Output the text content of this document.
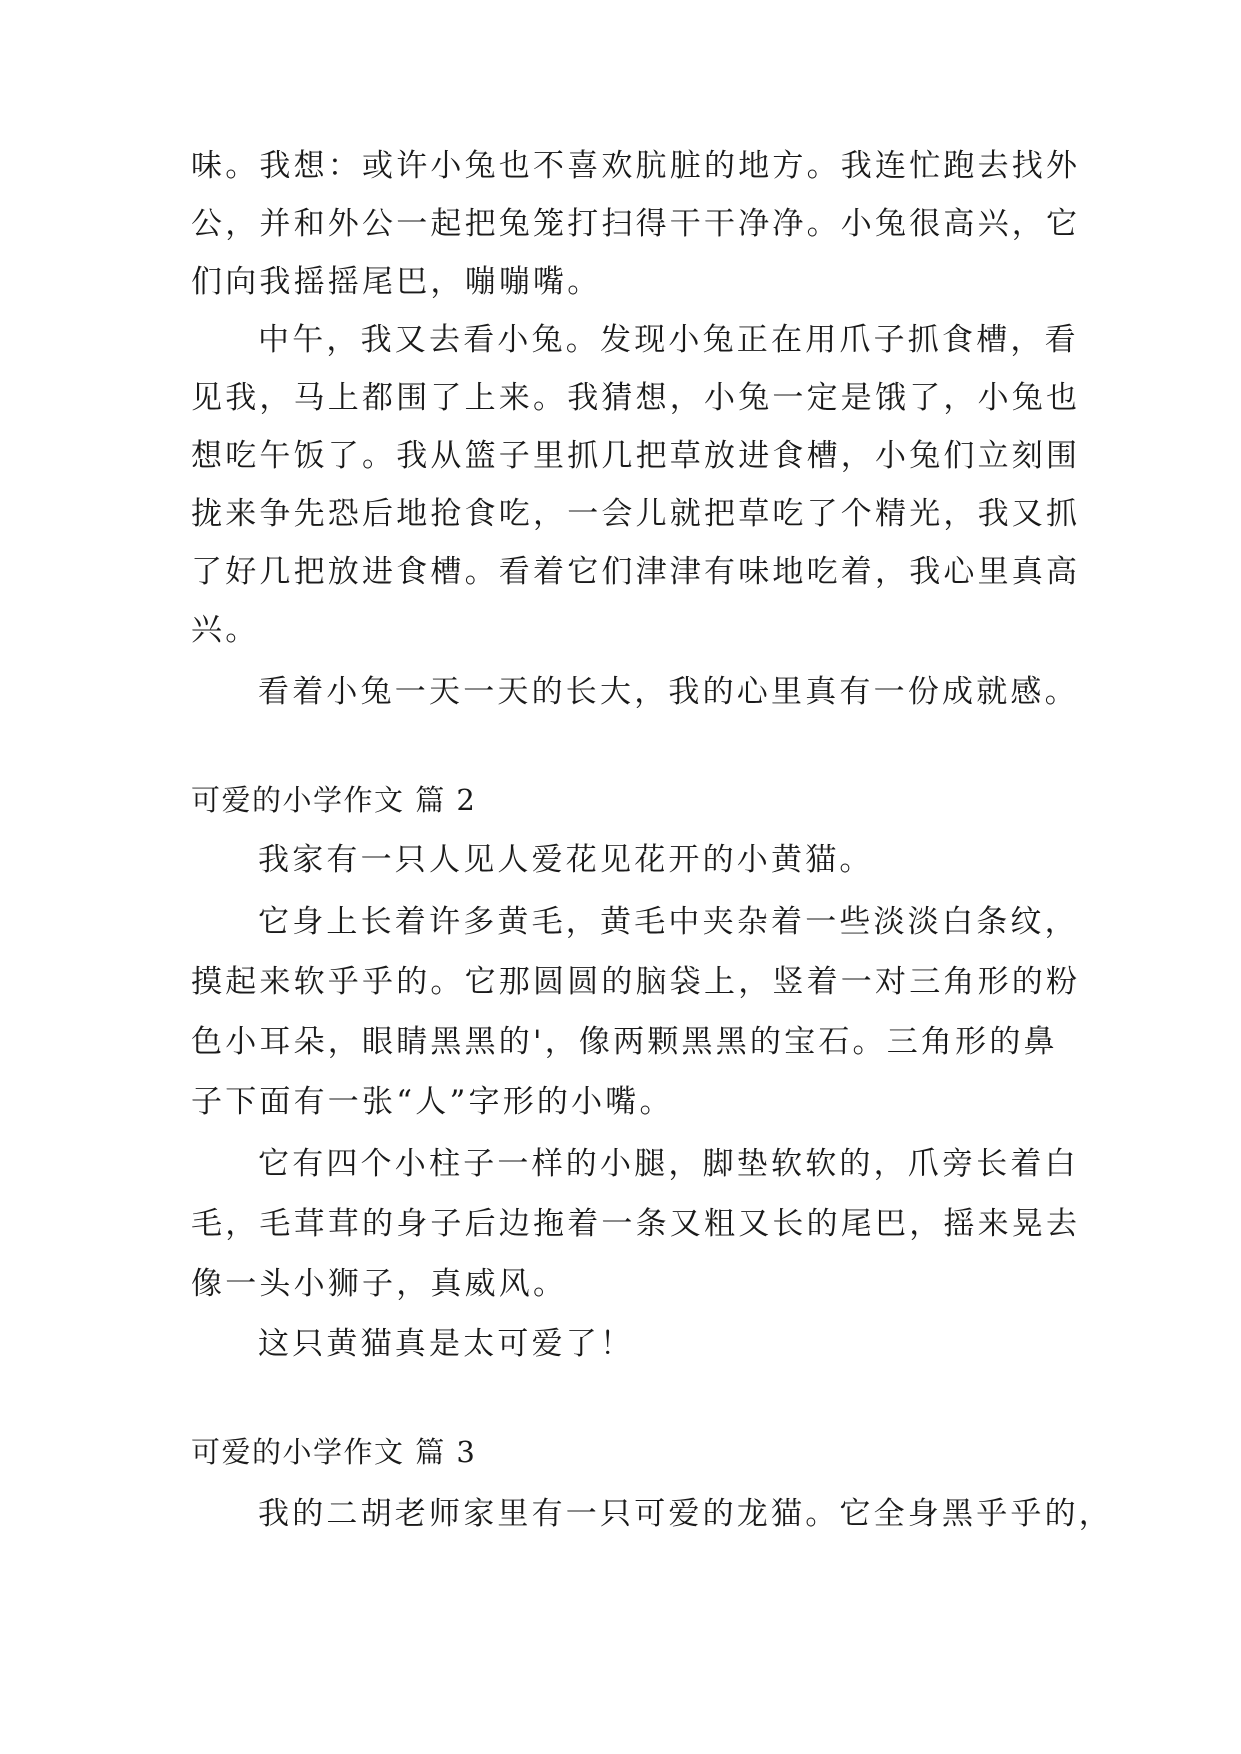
味。我想：或许小兔也不喜欢肮脏的地方。我连忙跑去找外
公，并和外公一起把兔笼打扫得干干净净。小兔很高兴，它
们向我摇摇尾巴，嘣嘣嘴。
中午，我又去看小兔。发现小兔正在用爪子抓食槽，看
见我，马上都围了上来。我猜想，小兔一定是饿了，小兔也
想吃午饭了。我从篮子里抓几把草放进食槽，小兔们立刻围
拢来争先恐后地抢食吃，一会儿就把草吃了个精光，我又抓
了好几把放进食槽。看着它们津津有味地吃着，我心里真高
兴。
看着小兔一天一天的长大，我的心里真有一份成就感。
可爱的小学作文 篇 2
我家有一只人见人爱花见花开的小黄猫。
它身上长着许多黄毛，黄毛中夹杂着一些淡淡白条纹，
摸起来软乎乎的。它那圆圆的脑袋上，竖着一对三角形的粉
色小耳朵，眼睛黑黑的'，像两颗黑黑的宝石。三角形的鼻
子下面有一张“人”字形的小嘴。
它有四个小柱子一样的小腿，脚垫软软的，爪旁长着白
毛，毛茸茸的身子后边拖着一条又粗又长的尾巴，摇来晃去
像一头小狮子，真威风。
这只黄猫真是太可爱了！
可爱的小学作文 篇 3
我的二胡老师家里有一只可爱的龙猫。它全身黑乎乎的，
